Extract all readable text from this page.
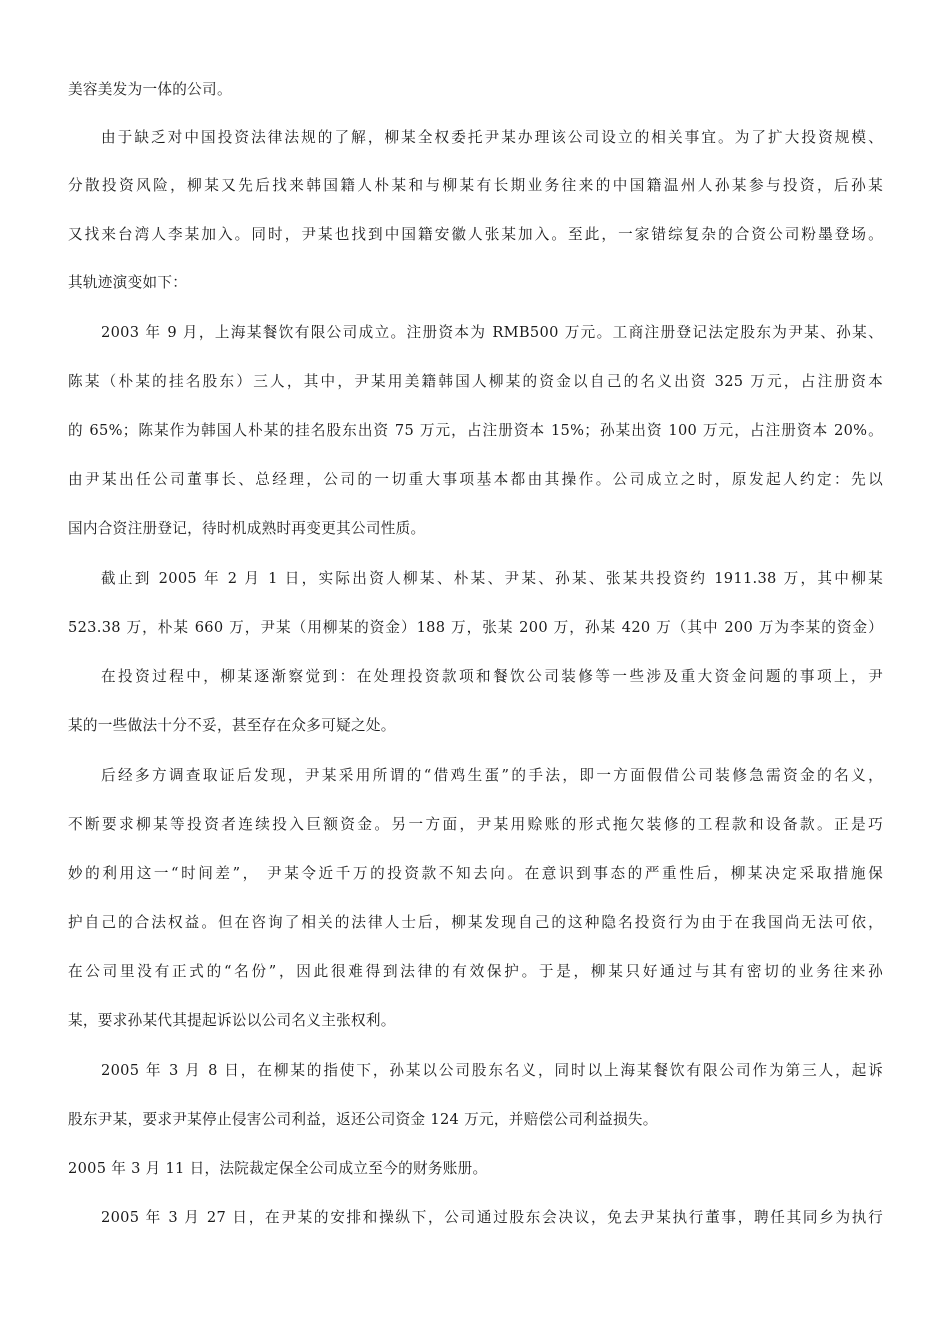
美容美发为一体的公司。
由于缺乏对中国投资法律法规的了解，柳某全权委托尹某办理该公司设立的相关事宜。为了扩大投资规模、
分散投资风险，柳某又先后找来韩国籍人朴某和与柳某有长期业务往来的中国籍温州人孙某参与投资，后孙某
又找来台湾人李某加入。同时，尹某也找到中国籍安徽人张某加入。至此，一家错综复杂的合资公司粉墨登场。
其轨迹演变如下：
2003 年 9 月，上海某餐饮有限公司成立。注册资本为 RMB500 万元。工商注册登记法定股东为尹某、孙某、
陈某（朴某的挂名股东）三人，其中，尹某用美籍韩国人柳某的资金以自己的名义出资 325 万元，占注册资本
的 65%；陈某作为韩国人朴某的挂名股东出资 75 万元，占注册资本 15%；孙某出资 100 万元，占注册资本 20%。
由尹某出任公司董事长、总经理，公司的一切重大事项基本都由其操作。公司成立之时，原发起人约定：先以
国内合资注册登记，待时机成熟时再变更其公司性质。
截止到 2005 年 2 月 1 日，实际出资人柳某、朴某、尹某、孙某、张某共投资约 1911.38 万，其中柳某
523.38 万，朴某 660 万，尹某（用柳某的资金）188 万，张某 200 万，孙某 420 万（其中 200 万为李某的资金）
在投资过程中，柳某逐渐察觉到：在处理投资款项和餐饮公司装修等一些涉及重大资金问题的事项上，尹
某的一些做法十分不妥，甚至存在众多可疑之处。
后经多方调查取证后发现，尹某采用所谓的“借鸡生蛋”的手法，即一方面假借公司装修急需资金的名义，
不断要求柳某等投资者连续投入巨额资金。另一方面，尹某用赊账的形式拖欠装修的工程款和设备款。正是巧
妙的利用这一“时间差”， 尹某令近千万的投资款不知去向。在意识到事态的严重性后，柳某决定采取措施保
护自己的合法权益。但在咨询了相关的法律人士后，柳某发现自己的这种隐名投资行为由于在我国尚无法可依，
在公司里没有正式的“名份”，因此很难得到法律的有效保护。于是，柳某只好通过与其有密切的业务往来孙
某，要求孙某代其提起诉讼以公司名义主张权利。
2005 年 3 月 8 日，在柳某的指使下，孙某以公司股东名义，同时以上海某餐饮有限公司作为第三人，起诉
股东尹某，要求尹某停止侵害公司利益，返还公司资金 124 万元，并赔偿公司利益损失。
2005 年 3 月 11 日，法院裁定保全公司成立至今的财务账册。
2005 年 3 月 27 日，在尹某的安排和操纵下，公司通过股东会决议，免去尹某执行董事，聘任其同乡为执行
